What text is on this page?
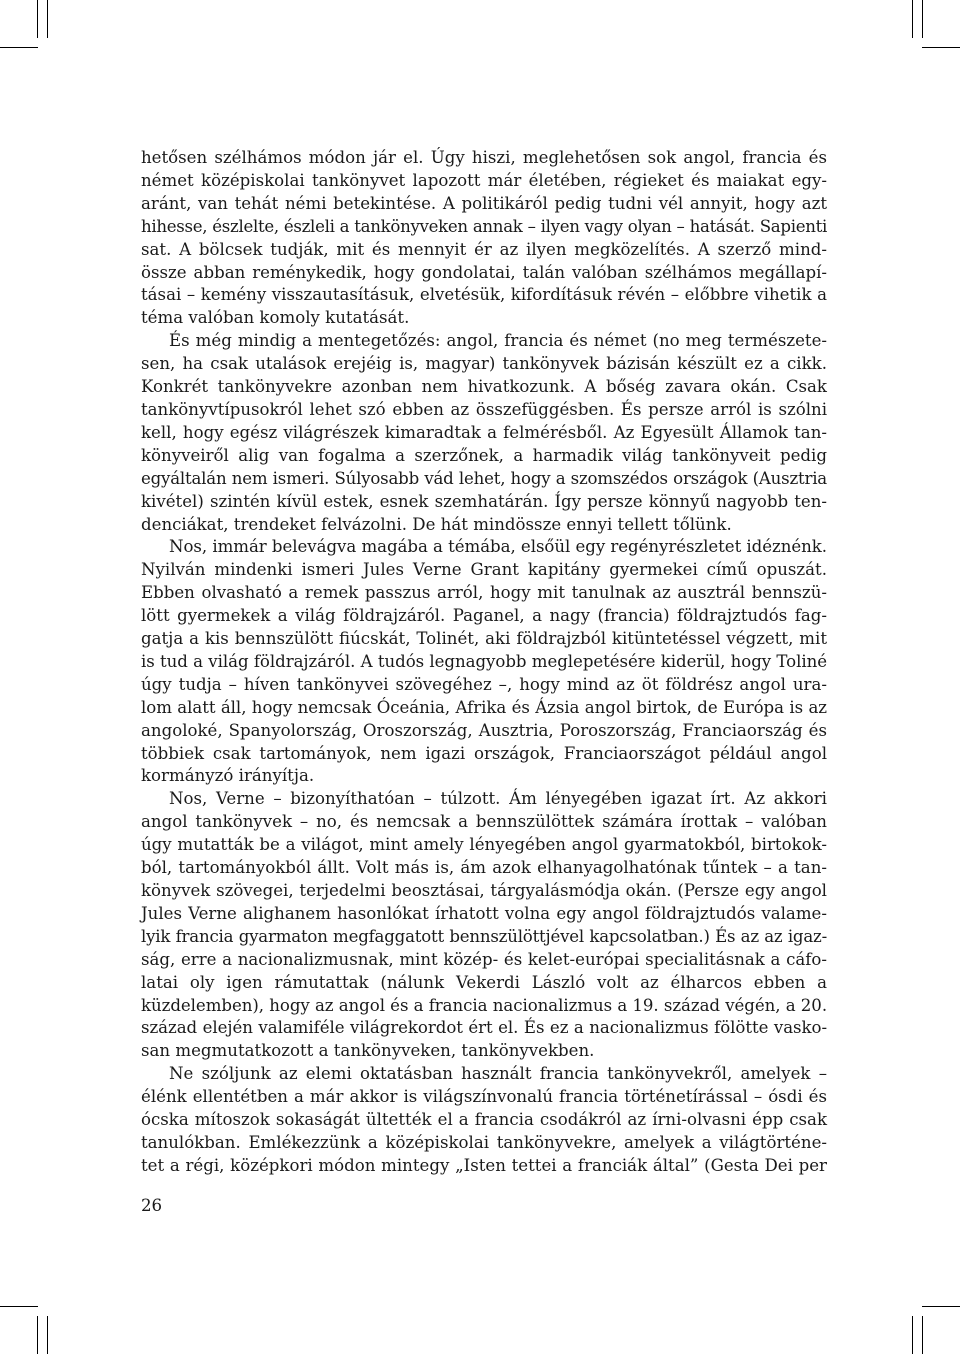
hetősen szélhámos módon jár el. Úgy hiszi, meglehetősen sok angol, francia és
német középiskolai tankönyvet lapozott már életében, régieket és maiakat egy-
aránt, van tehát némi betekintése. A politikáról pedig tudni vél annyit, hogy azt
hihesse, észlelte, észleli a tankönyveken annak – ilyen vagy olyan – hatását. Sapienti
sat. A bölcsek tudják, mit és mennyit ér az ilyen megközelítés. A szerző mind-
össze abban reménykedik, hogy gondolatai, talán valóban szélhámos megállapí-
tásai – kemény visszautasításuk, elvetésük, kifordításuk révén – előbbre vihetik a
téma valóban komoly kutatását.
És még mindig a mentegetőzés: angol, francia és német (no meg természete-
sen, ha csak utalások erejéig is, magyar) tankönyvek bázisán készült ez a cikk.
Konkrét tankönyvekre azonban nem hivatkozunk. A bőség zavara okán. Csak
tankönyvtípusokról lehet szó ebben az összefüggésben. És persze arról is szólni
kell, hogy egész világrészek kimaradtak a felmérésből. Az Egyesült Államok tan-
könyveiről alig van fogalma a szerzőnek, a harmadik világ tankönyveit pedig
egyáltalán nem ismeri. Súlyosabb vád lehet, hogy a szomszédos országok (Ausztria
kivétel) szintén kívül estek, esnek szemhatárán. Így persze könnyű nagyobb ten-
denciákat, trendeket felvázolni. De hát mindössze ennyi tellett tőlünk.
Nos, immár belevágva magába a témába, elsőül egy regényrészletet idéznénk.
Nyilván mindenki ismeri Jules Verne Grant kapitány gyermekei című opuszát.
Ebben olvasható a remek passzus arról, hogy mit tanulnak az ausztrál bennszü-
lött gyermekek a világ földrajzáról. Paganel, a nagy (francia) földrajztudós fag-
gatja a kis bennszülött fiúcskát, Tolinét, aki földrajzból kitüntetéssel végzett, mit
is tud a világ földrajzáról. A tudós legnagyobb meglepetésére kiderül, hogy Toliné
úgy tudja – híven tankönyvei szövegéhez –, hogy mind az öt földrész angol ura-
lom alatt áll, hogy nemcsak Óceánia, Afrika és Ázsia angol birtok, de Európa is az
angoloké, Spanyolország, Oroszország, Ausztria, Poroszország, Franciaország és
többiek csak tartományok, nem igazi országok, Franciaországot például angol
kormányzó irányítja.
Nos, Verne – bizonyíthatóan – túlzott. Ám lényegében igazat írt. Az akkori
angol tankönyvek – no, és nemcsak a bennszülöttek számára írottak – valóban
úgy mutatták be a világot, mint amely lényegében angol gyarmatokból, birtokok-
ból, tartományokból állt. Volt más is, ám azok elhanyagolhatónak tűntek – a tan-
könyvek szövegei, terjedelmi beosztásai, tárgyalásmódja okán. (Persze egy angol
Jules Verne alighanem hasonlókat írhatott volna egy angol földrajztudós valame-
lyik francia gyarmaton megfaggatott bennszülöttjével kapcsolatban.) És az az igaz-
ság, erre a nacionalizmusnak, mint közép- és kelet-európai specialitásnak a cáfo-
latai oly igen rámutattak (nálunk Vekerdi László volt az élharcos ebben a
küzdelemben), hogy az angol és a francia nacionalizmus a 19. század végén, a 20.
század elején valamiféle világrekordot ért el. És ez a nacionalizmus fölötte vasko-
san megmutatkozott a tankönyveken, tankönyvekben.
Ne szóljunk az elemi oktatásban használt francia tankönyvekről, amelyek –
élénk ellentétben a már akkor is világszínvonalú francia történetírással – ósdi és
ócska mítoszok sokaságát ültették el a francia csodákról az írni-olvasni épp csak
tanulókban. Emlékezzünk a középiskolai tankönyvekre, amelyek a világtörténe-
tet a régi, középkori módon mintegy „Isten tettei a franciák által” (Gesta Dei per
26
